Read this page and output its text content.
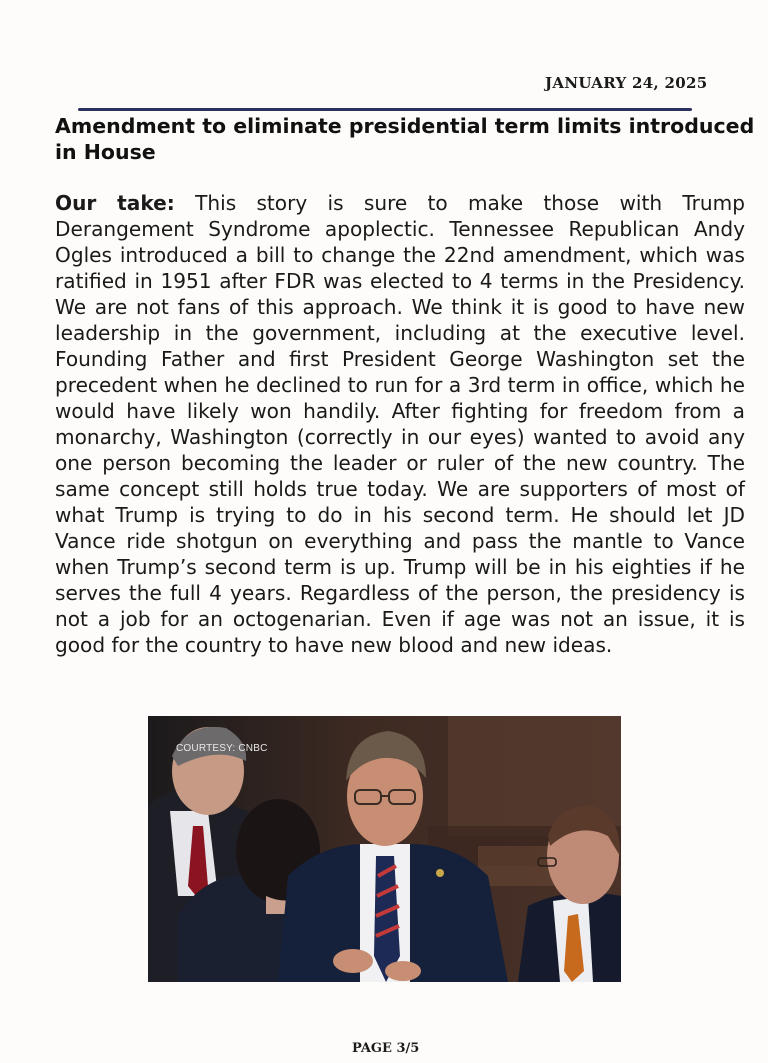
JANUARY 24, 2025
Amendment to eliminate presidential term limits introduced in House
Our take: This story is sure to make those with Trump Derangement Syndrome apoplectic. Tennessee Republican Andy Ogles introduced a bill to change the 22nd amendment, which was ratified in 1951 after FDR was elected to 4 terms in the Presidency. We are not fans of this approach. We think it is good to have new leadership in the government, including at the executive level. Founding Father and first President George Washington set the precedent when he declined to run for a 3rd term in office, which he would have likely won handily. After fighting for freedom from a monarchy, Washington (correctly in our eyes) wanted to avoid any one person becoming the leader or ruler of the new country. The same concept still holds true today. We are supporters of most of what Trump is trying to do in his second term. He should let JD Vance ride shotgun on everything and pass the mantle to Vance when Trump’s second term is up. Trump will be in his eighties if he serves the full 4 years. Regardless of the person, the presidency is not a job for an octogenarian. Even if age was not an issue, it is good for the country to have new blood and new ideas.
COURTESY: CNBC
PAGE 3/5
